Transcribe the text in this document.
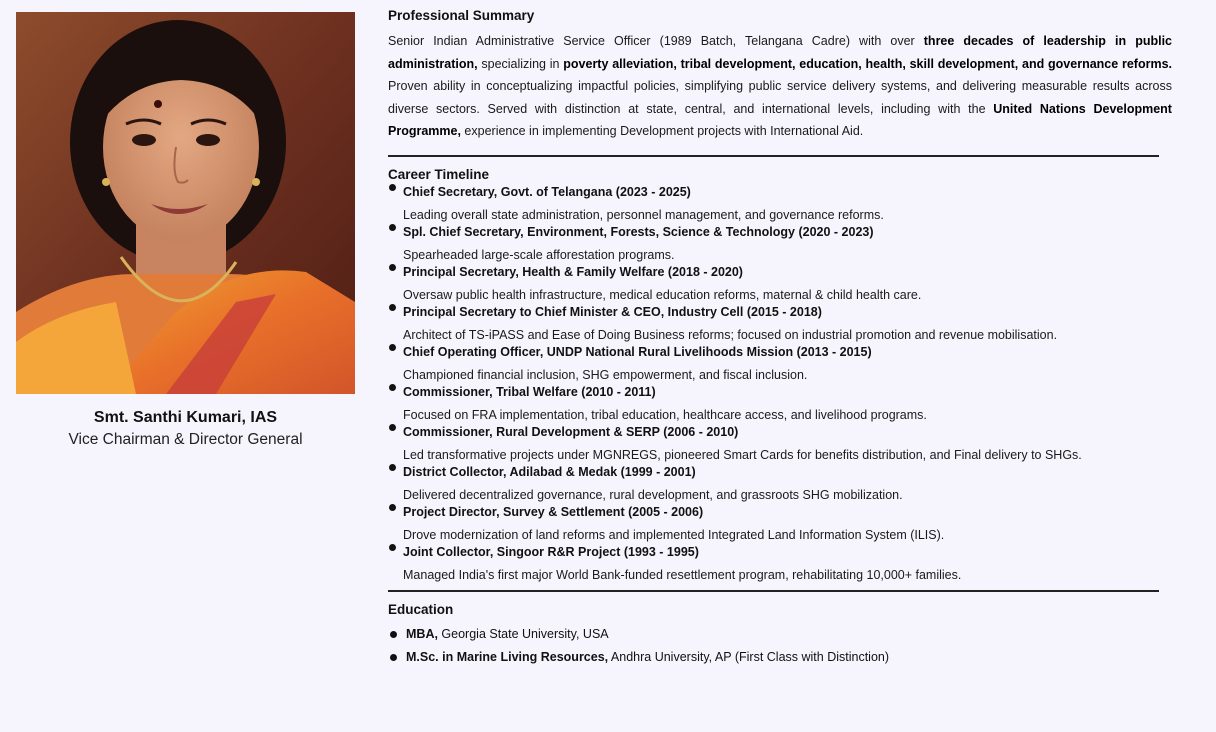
Smt. Santhi Kumari, IAS
Vice Chairman & Director General
Professional Summary

Senior Indian Administrative Service Officer (1989 Batch, Telangana Cadre) with over three decades of leadership in public administration, specializing in poverty alleviation, tribal development, education, health, skill development, and governance reforms. Proven ability in conceptualizing impactful policies, simplifying public service delivery systems, and delivering measurable results across diverse sectors. Served with distinction at state, central, and international levels, including with the United Nations Development Programme, experience in implementing Development projects with International Aid.

Career Timeline
Chief Secretary, Govt. of Telangana (2023 - 2025)
Leading overall state administration, personnel management, and governance reforms.
Spl. Chief Secretary, Environment, Forests, Science & Technology (2020 - 2023)
Spearheaded large-scale afforestation programs.
Principal Secretary, Health & Family Welfare (2018 - 2020)
Oversaw public health infrastructure, medical education reforms, maternal & child health care.
Principal Secretary to Chief Minister & CEO, Industry Cell (2015 - 2018)
Architect of TS-iPASS and Ease of Doing Business reforms; focused on industrial promotion and revenue mobilisation.
Chief Operating Officer, UNDP National Rural Livelihoods Mission (2013 - 2015)
Championed financial inclusion, SHG empowerment, and fiscal inclusion.
Commissioner, Tribal Welfare (2010 - 2011)
Focused on FRA implementation, tribal education, healthcare access, and livelihood programs.
Commissioner, Rural Development & SERP (2006 - 2010)
Led transformative projects under MGNREGS, pioneered Smart Cards for benefits distribution, and Final delivery to SHGs.
District Collector, Adilabad & Medak (1999 - 2001)
Delivered decentralized governance, rural development, and grassroots SHG mobilization.
Project Director, Survey & Settlement (2005 - 2006)
Drove modernization of land reforms and implemented Integrated Land Information System (ILIS).
Joint Collector, Singoor R&R Project (1993 - 1995)
Managed India's first major World Bank-funded resettlement program, rehabilitating 10,000+ families.
Education
MBA, Georgia State University, USA
M.Sc. in Marine Living Resources, Andhra University, AP (First Class with Distinction)
